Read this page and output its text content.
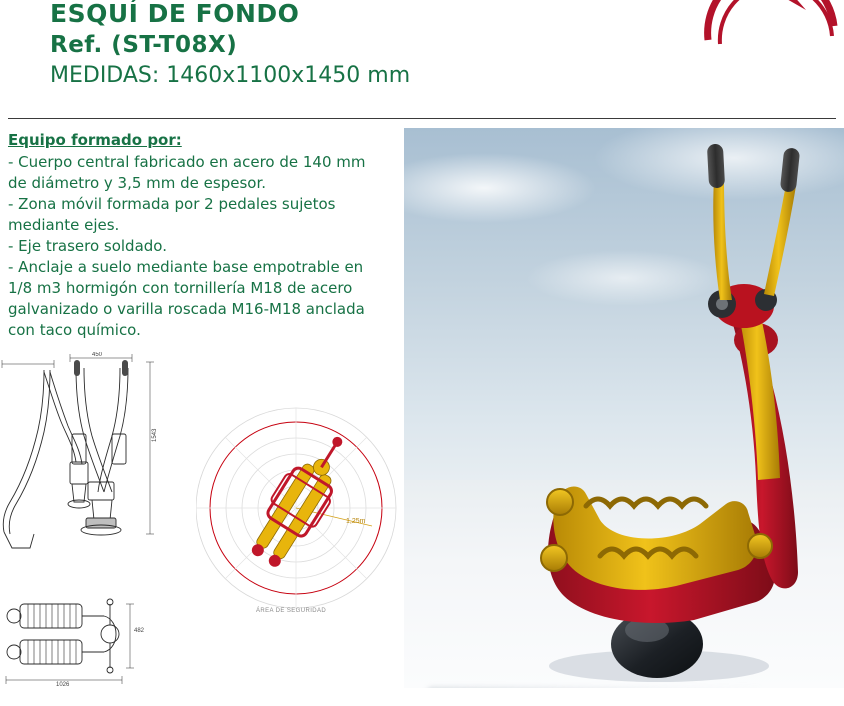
ESQUÍ DE FONDO
Ref. (ST-T08X)
MEDIDAS: 1460x1100x1450 mm
Equipo formado por:
- Cuerpo central fabricado en acero de 140 mm
de diámetro y 3,5 mm de espesor.
- Zona móvil formada por 2 pedales sujetos
mediante ejes.
- Eje trasero soldado.
- Anclaje a suelo mediante base empotrable en
1/8 m3 hormigón con tornillería M18 de acero
galvanizado o varilla roscada M16-M18 anclada
con taco químico.
450
1543
482
1026
1,25m
ÁREA DE SEGURIDAD
